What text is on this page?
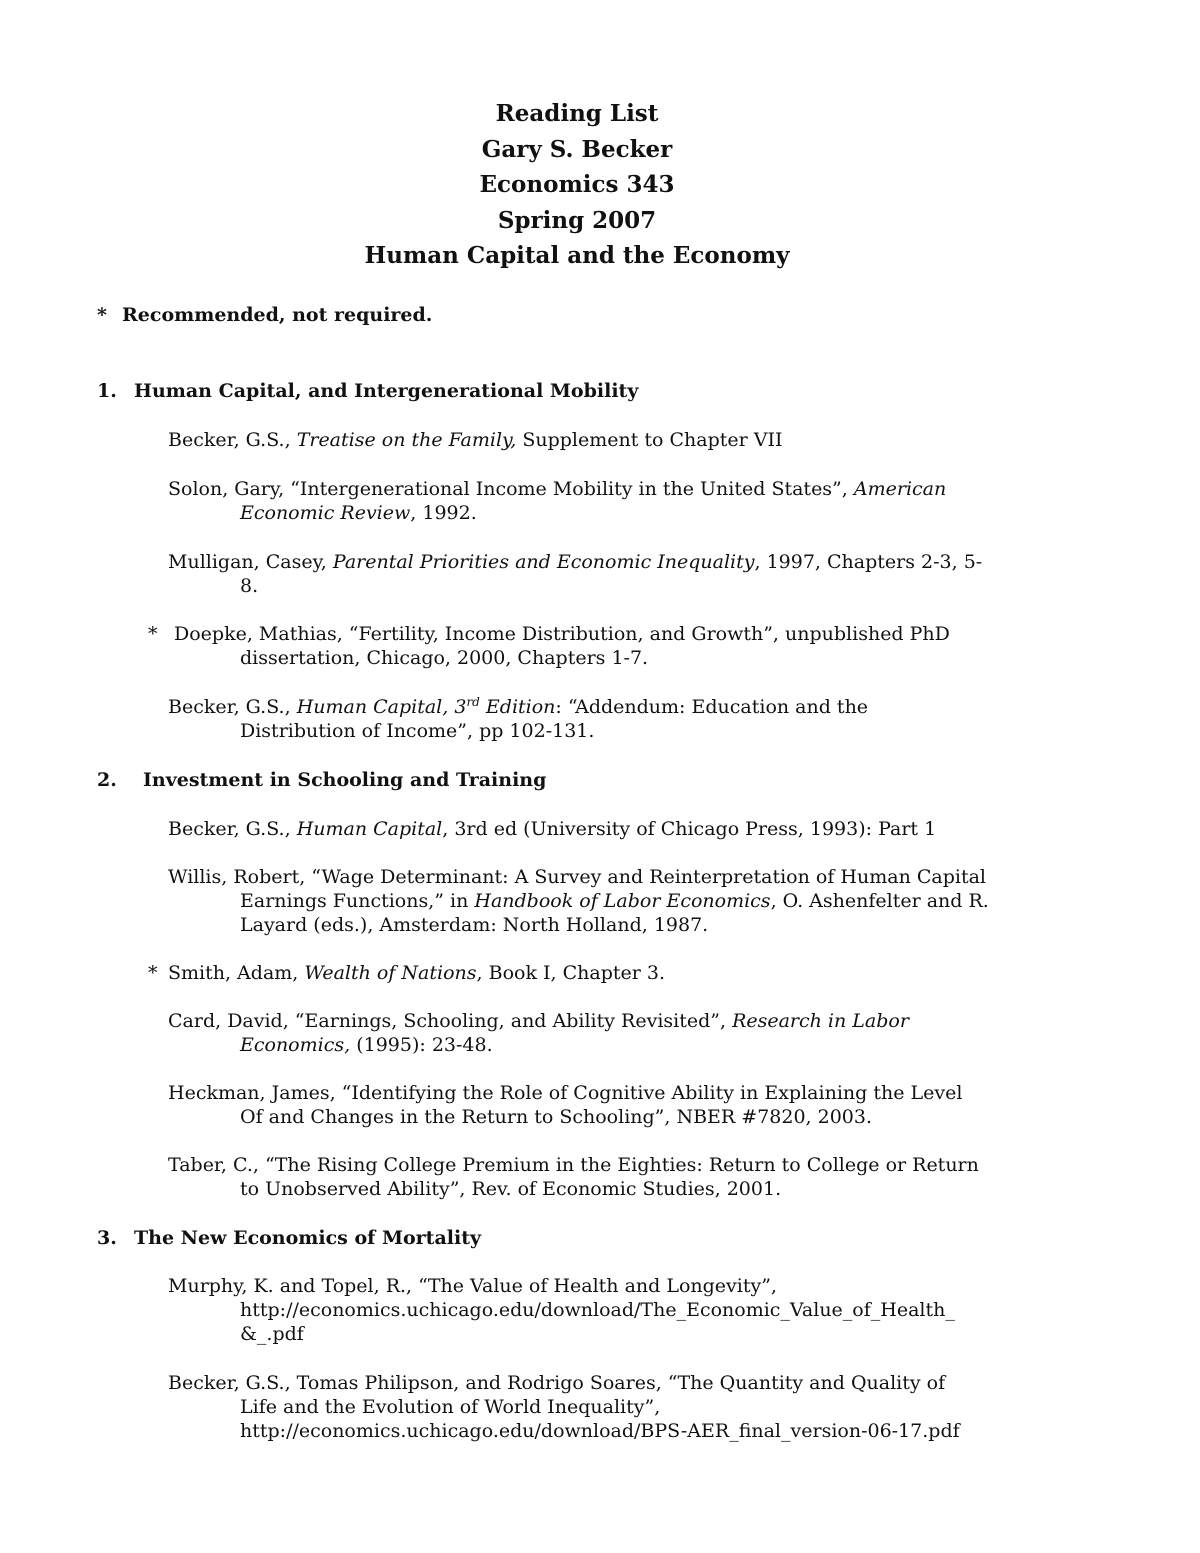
Reading List
Gary S. Becker
Economics 343
Spring 2007
Human Capital and the Economy
* Recommended, not required.
1. Human Capital, and Intergenerational Mobility
Becker, G.S., Treatise on the Family, Supplement to Chapter VII
Solon, Gary, “Intergenerational Income Mobility in the United States”, American
Economic Review, 1992.
Mulligan, Casey, Parental Priorities and Economic Inequality, 1997, Chapters 2-3, 5-
8.
* Doepke, Mathias, “Fertility, Income Distribution, and Growth”, unpublished PhD
dissertation, Chicago, 2000, Chapters 1-7.
Becker, G.S., Human Capital, 3rd Edition: “Addendum: Education and the
Distribution of Income”, pp 102-131.
2. Investment in Schooling and Training
Becker, G.S., Human Capital, 3rd ed (University of Chicago Press, 1993): Part 1
Willis, Robert, “Wage Determinant: A Survey and Reinterpretation of Human Capital
Earnings Functions,” in Handbook of Labor Economics, O. Ashenfelter and R.
Layard (eds.), Amsterdam: North Holland, 1987.
* Smith, Adam, Wealth of Nations, Book I, Chapter 3.
Card, David, “Earnings, Schooling, and Ability Revisited”, Research in Labor
Economics, (1995): 23-48.
Heckman, James, “Identifying the Role of Cognitive Ability in Explaining the Level
Of and Changes in the Return to Schooling”, NBER #7820, 2003.
Taber, C., “The Rising College Premium in the Eighties: Return to College or Return
to Unobserved Ability”, Rev. of Economic Studies, 2001.
3. The New Economics of Mortality
Murphy, K. and Topel, R., “The Value of Health and Longevity”,
http://economics.uchicago.edu/download/The_Economic_Value_of_Health_
&_.pdf
Becker, G.S., Tomas Philipson, and Rodrigo Soares, “The Quantity and Quality of
Life and the Evolution of World Inequality”,
http://economics.uchicago.edu/download/BPS-AER_final_version-06-17.pdf
